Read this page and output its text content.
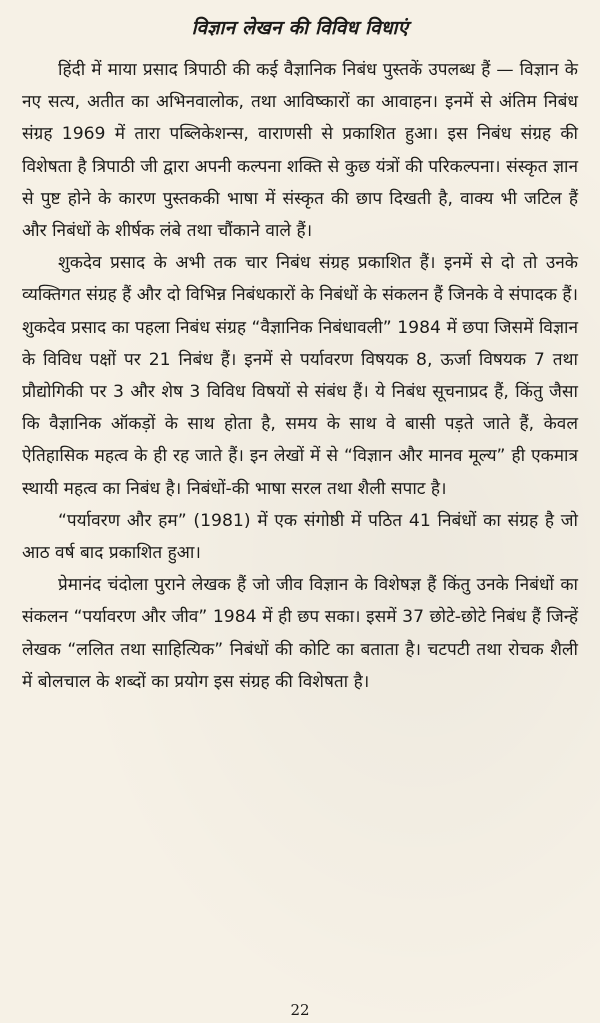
विज्ञान लेखन की विविध विधाएं

हिंदी में माया प्रसाद त्रिपाठी की कई वैज्ञानिक निबंध पुस्तकें उपलब्ध हैं — विज्ञान के नए सत्य, अतीत का अभिनवालोक, तथा आविष्कारों का आवाहन। इनमें से अंतिम निबंध संग्रह 1969 में तारा पब्लिकेशन्स, वाराणसी से प्रकाशित हुआ। इस निबंध संग्रह की विशेषता है त्रिपाठी जी द्वारा अपनी कल्पना शक्ति से कुछ यंत्रों की परिकल्पना। संस्कृत ज्ञान से पुष्ट होने के कारण पुस्तककी भाषा में संस्कृत की छाप दिखती है, वाक्य भी जटिल हैं और निबंधों के शीर्षक लंबे तथा चौंकाने वाले हैं।

शुकदेव प्रसाद के अभी तक चार निबंध संग्रह प्रकाशित हैं। इनमें से दो तो उनके व्यक्तिगत संग्रह हैं और दो विभिन्न निबंधकारों के निबंधों के संकलन हैं जिनके वे संपादक हैं। शुकदेव प्रसाद का पहला निबंध संग्रह “वैज्ञानिक निबंधावली” 1984 में छपा जिसमें विज्ञान के विविध पक्षों पर 21 निबंध हैं। इनमें से पर्यावरण विषयक 8, ऊर्जा विषयक 7 तथा प्रौद्योगिकी पर 3 और शेष 3 विविध विषयों से संबंध हैं। ये निबंध सूचनाप्रद हैं, किंतु जैसा कि वैज्ञानिक ऑकड़ों के साथ होता है, समय के साथ वे बासी पड़ते जाते हैं, केवल ऐतिहासिक महत्व के ही रह जाते हैं। इन लेखों में से “विज्ञान और मानव मूल्य” ही एकमात्र स्थायी महत्व का निबंध है। निबंधों-की भाषा सरल तथा शैली सपाट है।

“पर्यावरण और हम” (1981) में एक संगोष्ठी में पठित 41 निबंधों का संग्रह है जो आठ वर्ष बाद प्रकाशित हुआ।

प्रेमानंद चंदोला पुराने लेखक हैं जो जीव विज्ञान के विशेषज्ञ हैं किंतु उनके निबंधों का संकलन “पर्यावरण और जीव” 1984 में ही छप सका। इसमें 37 छोटे-छोटे निबंध हैं जिन्हें लेखक “ललित तथा साहित्यिक” निबंधों की कोटि का बताता है। चटपटी तथा रोचक शैली में बोलचाल के शब्दों का प्रयोग इस संग्रह की विशेषता है।

22
